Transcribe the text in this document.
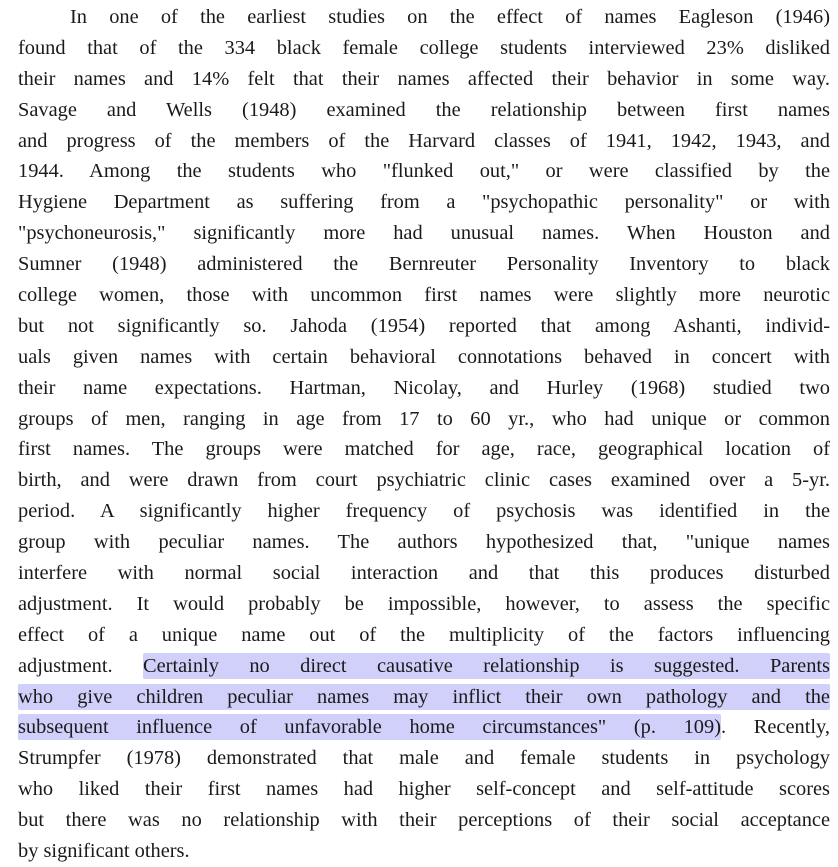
In one of the earliest studies on the effect of names Eagleson (1946)
found that of the 334 black female college students interviewed 23% disliked
their names and 14% felt that their names affected their behavior in some way.
Savage and Wells (1948) examined the relationship between first names
and progress of the members of the Harvard classes of 1941, 1942, 1943, and
1944. Among the students who "flunked out," or were classified by the
Hygiene Department as suffering from a "psychopathic personality" or with
"psychoneurosis," significantly more had unusual names. When Houston and
Sumner (1948) administered the Bernreuter Personality Inventory to black
college women, those with uncommon first names were slightly more neurotic
but not significantly so. Jahoda (1954) reported that among Ashanti, individ-
uals given names with certain behavioral connotations behaved in concert with
their name expectations. Hartman, Nicolay, and Hurley (1968) studied two
groups of men, ranging in age from 17 to 60 yr., who had unique or common
first names. The groups were matched for age, race, geographical location of
birth, and were drawn from court psychiatric clinic cases examined over a 5-yr.
period. A significantly higher frequency of psychosis was identified in the
group with peculiar names. The authors hypothesized that, "unique names
interfere with normal social interaction and that this produces disturbed
adjustment. It would probably be impossible, however, to assess the specific
effect of a unique name out of the multiplicity of the factors influencing
adjustment. Certainly no direct causative relationship is suggested. Parents
who give children peculiar names may inflict their own pathology and the
subsequent influence of unfavorable home circumstances" (p. 109). Recently,
Strumpfer (1978) demonstrated that male and female students in psychology
who liked their first names had higher self-concept and self-attitude scores
but there was no relationship with their perceptions of their social acceptance
by significant others.
